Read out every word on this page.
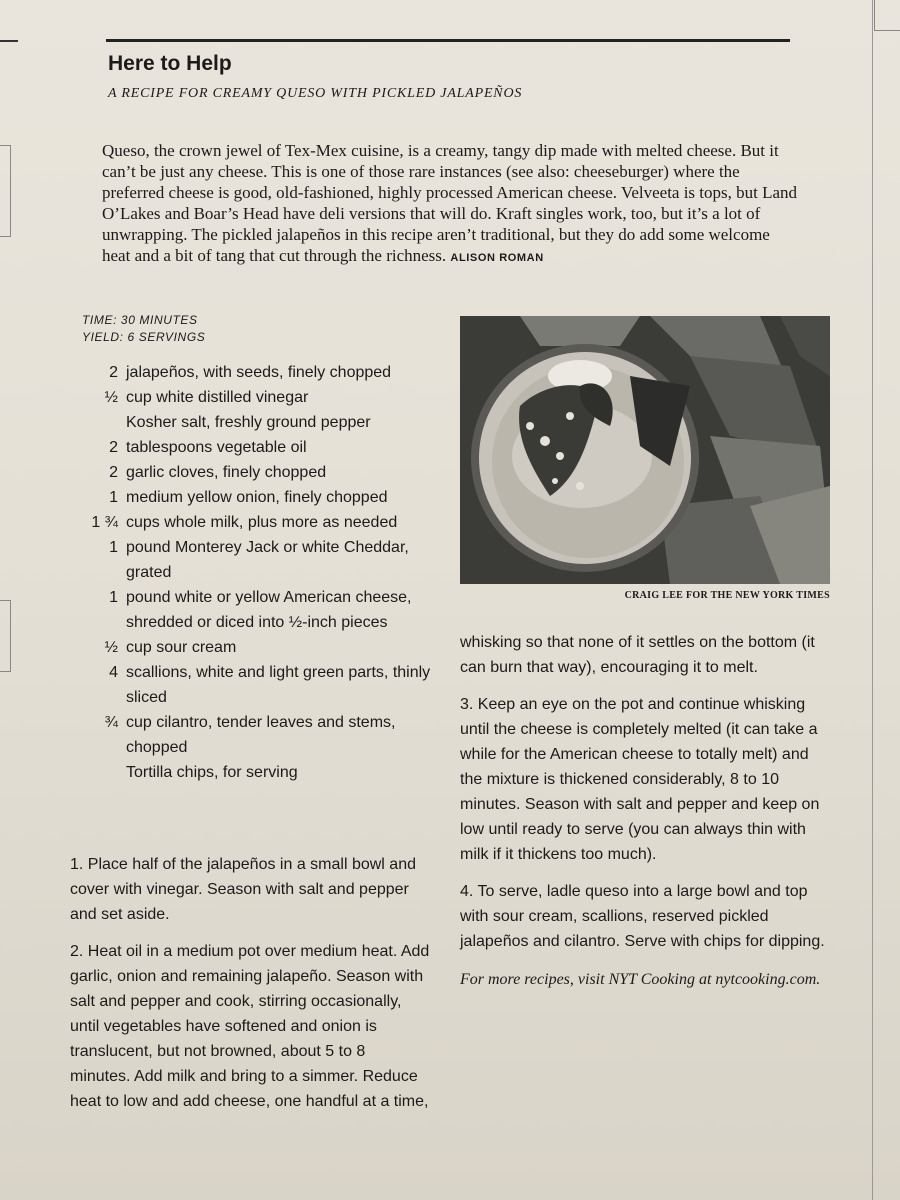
Here to Help

A RECIPE FOR CREAMY QUESO WITH PICKLED JALAPEÑOS

Queso, the crown jewel of Tex-Mex cuisine, is a creamy, tangy dip made with melted cheese. But it can’t be just any cheese. This is one of those rare instances (see also: cheeseburger) where the preferred cheese is good, old-fashioned, highly processed American cheese. Velveeta is tops, but Land O’Lakes and Boar’s Head have deli versions that will do. Kraft singles work, too, but it’s a lot of unwrapping. The pickled jalapeños in this recipe aren’t traditional, but they do add some welcome heat and a bit of tang that cut through the richness. ALISON ROMAN

TIME: 30 MINUTES
YIELD: 6 SERVINGS
2 jalapeños, with seeds, finely chopped
½ cup white distilled vinegar
Kosher salt, freshly ground pepper
2 tablespoons vegetable oil
2 garlic cloves, finely chopped
1 medium yellow onion, finely chopped
1 ¾ cups whole milk, plus more as needed
1 pound Monterey Jack or white Cheddar, grated
1 pound white or yellow American cheese, shredded or diced into ½-inch pieces
½ cup sour cream
4 scallions, white and light green parts, thinly sliced
¾ cup cilantro, tender leaves and stems, chopped
Tortilla chips, for serving

1. Place half of the jalapeños in a small bowl and cover with vinegar. Season with salt and pepper and set aside.

2. Heat oil in a medium pot over medium heat. Add garlic, onion and remaining jalapeño. Season with salt and pepper and cook, stirring occasionally, until vegetables have softened and onion is translucent, but not browned, about 5 to 8 minutes. Add milk and bring to a simmer. Reduce heat to low and add cheese, one handful at a time,

CRAIG LEE FOR THE NEW YORK TIMES

whisking so that none of it settles on the bottom (it can burn that way), encouraging it to melt.

3. Keep an eye on the pot and continue whisking until the cheese is completely melted (it can take a while for the American cheese to totally melt) and the mixture is thickened considerably, 8 to 10 minutes. Season with salt and pepper and keep on low until ready to serve (you can always thin with milk if it thickens too much).

4. To serve, ladle queso into a large bowl and top with sour cream, scallions, reserved pickled jalapeños and cilantro. Serve with chips for dipping.

For more recipes, visit NYT Cooking at nytcooking.com.
